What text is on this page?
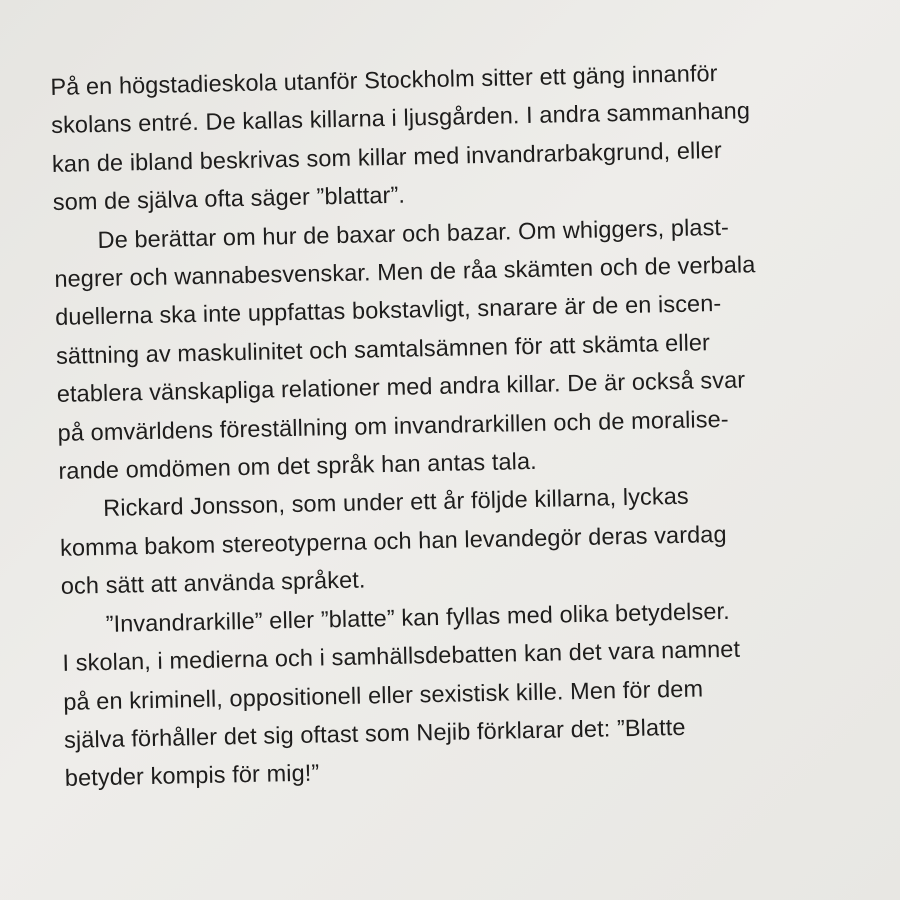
På en högstadieskola utanför Stockholm sitter ett gäng innanför
skolans entré. De kallas killarna i ljusgården. I andra sammanhang
kan de ibland beskrivas som killar med invandrarbakgrund, eller
som de själva ofta säger ”blattar”.
De berättar om hur de baxar och bazar. Om whiggers, plast-
negrer och wannabesvenskar. Men de råa skämten och de verbala
duellerna ska inte uppfattas bokstavligt, snarare är de en iscen-
sättning av maskulinitet och samtalsämnen för att skämta eller
etablera vänskapliga relationer med andra killar. De är också svar
på omvärldens föreställning om invandrarkillen och de moralise-
rande omdömen om det språk han antas tala.
Rickard Jonsson, som under ett år följde killarna, lyckas
komma bakom stereotyperna och han levandegör deras vardag
och sätt att använda språket.
”Invandrarkille” eller ”blatte” kan fyllas med olika betydelser.
I skolan, i medierna och i samhällsdebatten kan det vara namnet
på en kriminell, oppositionell eller sexistisk kille. Men för dem
själva förhåller det sig oftast som Nejib förklarar det: ”Blatte
betyder kompis för mig!”
